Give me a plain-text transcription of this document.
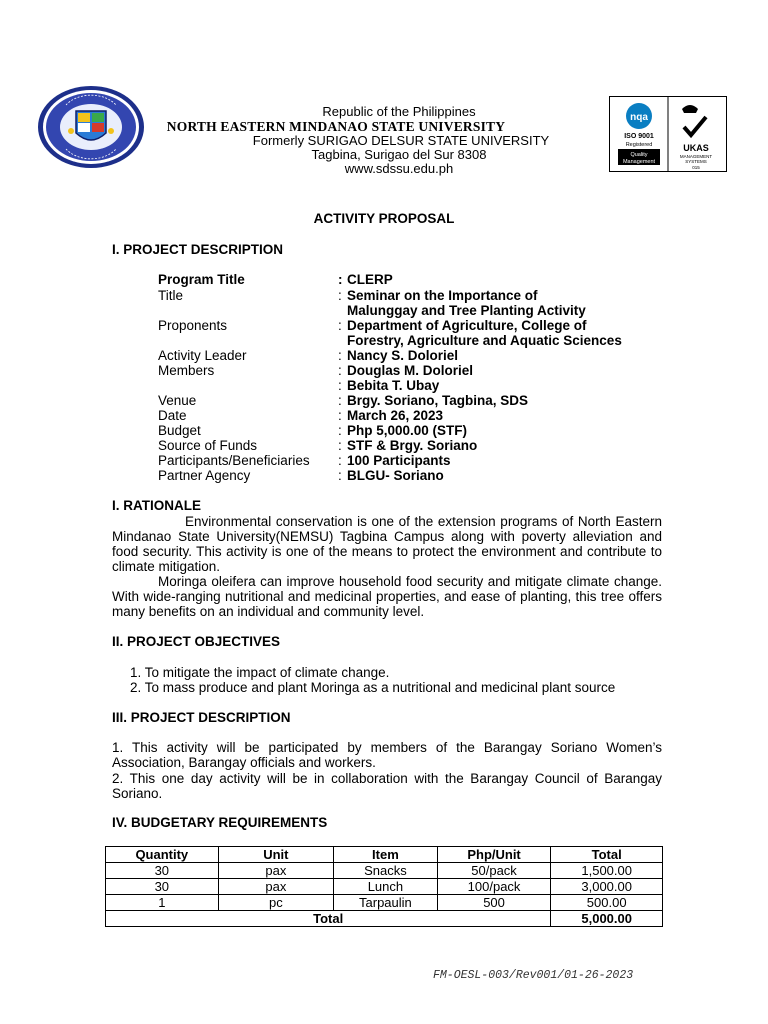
nqa
ISO 9001
Registered
Quality
Management
UKAS
MANAGEMENT
SYSTEMS
015
Republic of the Philippines
NORTH EASTERN MINDANAO STATE UNIVERSITY
Formerly SURIGAO DELSUR STATE UNIVERSITY
Tagbina, Surigao del Sur 8308
www.sdssu.edu.ph
ACTIVITY PROPOSAL
I. PROJECT DESCRIPTION
Program Title	: CLERP
Title	: Seminar on the Importance of
Malunggay and Tree Planting Activity
Proponents	: Department of Agriculture, College of
Forestry, Agriculture and Aquatic Sciences
Activity Leader	: Nancy S. Doloriel
Members	: Douglas M. Doloriel
: Bebita T. Ubay
Venue	: Brgy. Soriano, Tagbina, SDS
Date	: March 26, 2023
Budget	: Php 5,000.00 (STF)
Source of Funds	: STF & Brgy. Soriano
Participants/Beneficiaries : 100 Participants
Partner Agency	: BLGU- Soriano
I. RATIONALE
Environmental conservation is one of the extension programs of North Eastern Mindanao State University(NEMSU) Tagbina Campus along with poverty alleviation and food security. This activity is one of the means to protect the environment and contribute to climate mitigation.
Moringa oleifera can improve household food security and mitigate climate change. With wide-ranging nutritional and medicinal properties, and ease of planting, this tree offers many benefits on an individual and community level.
II. PROJECT OBJECTIVES
1. To mitigate the impact of climate change.
2. To mass produce and plant Moringa as a nutritional and medicinal plant source
III. PROJECT DESCRIPTION
1. This activity will be participated by members of the Barangay Soriano Women’s Association, Barangay officials and workers.
2. This one day activity will be in collaboration with the Barangay Council of Barangay Soriano.
IV. BUDGETARY REQUIREMENTS
Quantity	Unit	Item	Php/Unit	Total
30	pax	Snacks	50/pack	1,500.00
30	pax	Lunch	100/pack	3,000.00
1	pc	Tarpaulin	500	500.00
Total				5,000.00
FM-OESL-003/Rev001/01-26-2023
